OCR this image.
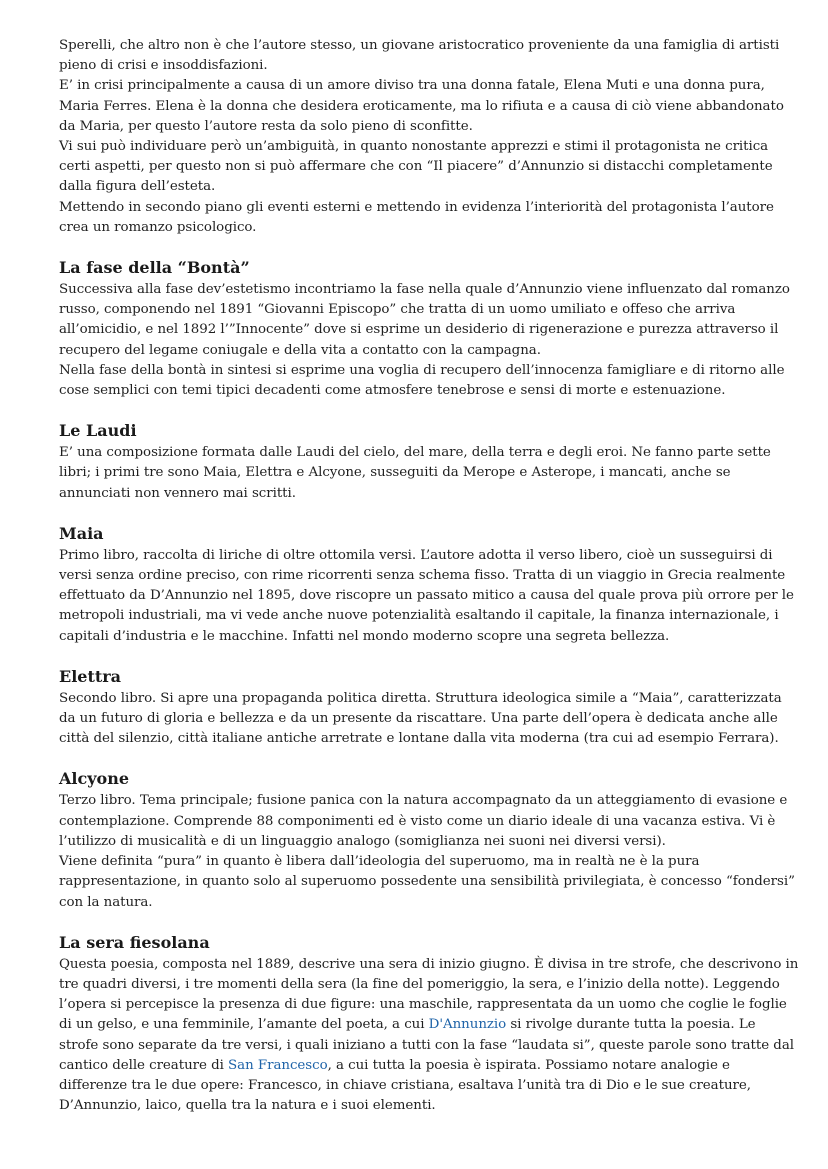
Sperelli, che altro non è che l’autore stesso, un giovane aristocratico proveniente da una famiglia di artisti pieno di crisi e insoddisfazioni.

E’ in crisi principalmente a causa di un amore diviso tra una donna fatale, Elena Muti e una donna pura, Maria Ferres. Elena è la donna che desidera eroticamente, ma lo rifiuta e a causa di ciò viene abbandonato da Maria, per questo l’autore resta da solo pieno di sconfitte.

Vi sui può individuare però un’ambiguità, in quanto nonostante apprezzi e stimi il protagonista ne critica certi aspetti, per questo non si può affermare che con “Il piacere” d’Annunzio si distacchi completamente dalla figura dell’esteta.

Mettendo in secondo piano gli eventi esterni e mettendo in evidenza l’interiorità del protagonista l’autore crea un romanzo psicologico.

La fase della “Bontà”

Successiva alla fase dev’estetismo incontriamo la fase nella quale d’Annunzio viene influenzato dal romanzo russo, componendo nel 1891 “Giovanni Episcopo” che tratta di un uomo umiliato e offeso che arriva all’omicidio, e nel 1892 l’”Innocente” dove si esprime un desiderio di rigenerazione e purezza attraverso il recupero del legame coniugale e della vita a contatto con la campagna.

Nella fase della bontà in sintesi si esprime una voglia di recupero dell’innocenza famigliare e di ritorno alle cose semplici con temi tipici decadenti come atmosfere tenebrose e sensi di morte e estenuazione.

Le Laudi

E’ una composizione formata dalle Laudi del cielo, del mare, della terra e degli eroi. Ne fanno parte sette libri; i primi tre sono Maia, Elettra e Alcyone, susseguiti da Merope e Asterope, i mancati, anche se annunciati non vennero mai scritti.

Maia

Primo libro, raccolta di liriche di oltre ottomila versi. L’autore adotta il verso libero, cioè un susseguirsi di versi senza ordine preciso, con rime ricorrenti senza schema fisso. Tratta di un viaggio in Grecia realmente effettuato da D’Annunzio nel 1895, dove riscopre un passato mitico a causa del quale prova più orrore per le metropoli industriali, ma vi vede anche nuove potenzialità esaltando il capitale, la finanza internazionale, i capitali d’industria e le macchine. Infatti nel mondo moderno scopre una segreta bellezza.

Elettra

Secondo libro. Si apre una propaganda politica diretta. Struttura ideologica simile a “Maia”, caratterizzata da un futuro di gloria e bellezza e da un presente da riscattare. Una parte dell’opera è dedicata anche alle città del silenzio, città italiane antiche arretrate e lontane dalla vita moderna (tra cui ad esempio Ferrara).

Alcyone

Terzo libro. Tema principale; fusione panica con la natura accompagnato da un atteggiamento di evasione e contemplazione. Comprende 88 componimenti ed è visto come un diario ideale di una vacanza estiva. Vi è l’utilizzo di musicalità e di un linguaggio analogo (somiglianza nei suoni nei diversi versi).

Viene definita “pura” in quanto è libera dall’ideologia del superuomo, ma in realtà ne è la pura rappresentazione, in quanto solo al superuomo possedente una sensibilità privilegiata, è concesso “fondersi” con la natura.

La sera fiesolana

Questa poesia, composta nel 1889, descrive una sera di inizio giugno. È divisa in tre strofe, che descrivono in tre quadri diversi, i tre momenti della sera (la fine del pomeriggio, la sera, e l’inizio della notte). Leggendo l’opera si percepisce la presenza di due figure: una maschile, rappresentata da un uomo che coglie le foglie di un gelso, e una femminile, l’amante del poeta, a cui D'Annunzio si rivolge durante tutta la poesia. Le strofe sono separate da tre versi, i quali iniziano a tutti con la fase “laudata si”, queste parole sono tratte dal cantico delle creature di San Francesco, a cui tutta la poesia è ispirata. Possiamo notare analogie e differenze tra le due opere: Francesco, in chiave cristiana, esaltava l’unità tra di Dio e le sue creature, D’Annunzio, laico, quella tra la natura e i suoi elementi.
